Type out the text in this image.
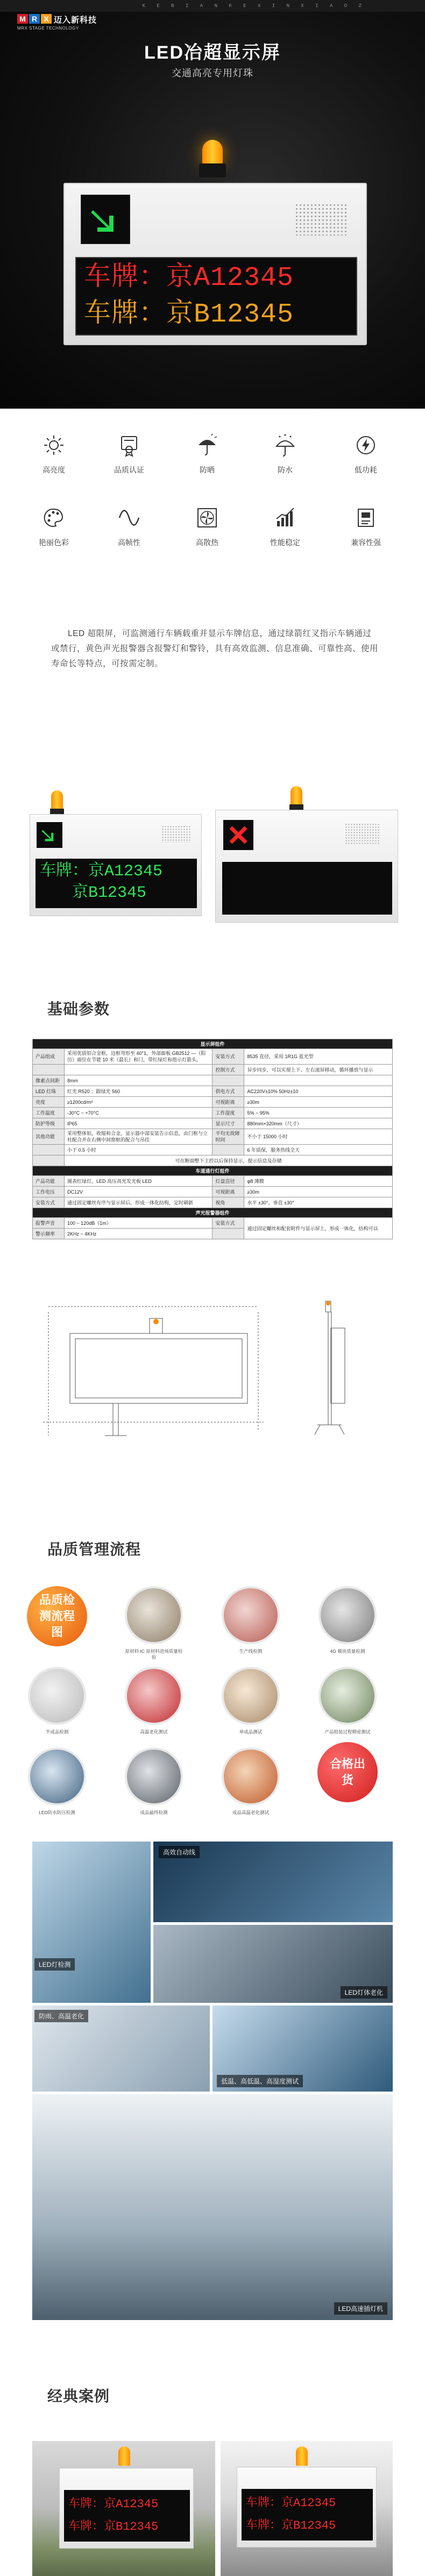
K E B I A N K E X I N X I A O Z
M R X 迈入新科技
MRX STAGE TECHNOLOGY
LED冶超显示屏
交通高亮专用灯珠
车牌：京A12345
车牌：京B12345
高亮度	品质认证	防晒	防水	低功耗
艳丽色彩	高帧性	高散热	性能稳定	兼容性强

LED 超限屏，可监测通行车辆载重并显示车牌信息，通过绿箭红叉指示车辆通过或禁行，黄色声光报警器含报警灯和警铃，具有高效监测、信息准确、可靠性高、使用寿命长等特点，可按需定制。

车牌：京A12345
京B12345
基础参数
显示屏组件			
产品组成	采用优质铝合金框，边框弯形至 40°1，外部面板 GB2512 —（阳历）面位在节能 10 米（最长）和门，带红绿灯和指示灯箭头。	安装方式	8535 直径，采用 1R1G 蓝光型
		控制方式	异步同步，可以实现上下、左右滚屏移动，循环播放与显示
像素点间距	8mm		
LED 灯珠	红光 R520 ；跟绿光 560	供电方式	AC220V±10% 50Hz±10
亮度	≥1200cd/m²	可视距离	≥30m
工作温度	-30°C ~ +70°C	工作湿度	5% ~ 95%
防护等级	IP65	显示尺寸	880mm×320mm（尺寸）
其他功能	采用整体铝，收缩和合金，显示器中部安装告示信息，由门框与立柱配合并在右侧中间窗框的配合与吊挂	平均无故障时间	不小于 15000 小时
	小于 0.5 小时		6 年质保，服务热线全天
	可在断面整下主控以后保持显示，提示信息及存储		
车道通行灯组件			
产品功能	图表红绿灯，LED 高压高光发光板 LED	灯盘直径	φ8 薄膜
工作电压	DC12V	可视距离	≥30m
安装方式	通过固定螺丝有序与显示屏后，形成一体化结构，定时刷新	视角	水平 ±30°，垂直 ±30°
声光报警器组件			
报警声音	100 ~ 120dB（1m）	安装方式	通过固定螺丝和配套附件与显示屏上，形成一体化，结构可以
警示频率	2KHz ~ 4KHz		
品质管理流程
品质检测流程图
原材料 IC 原材料进场质量检验
生产线检测	4G 模块质量检测
半成品检测	高温老化测试	单成品测试	产品组装过程精密测试
LED防水防压检测	成品最终检测	成品高温老化测试
合格出货
LED灯检测
高效自动线
LED灯体老化
防雨、高温老化
低温、高低温、高湿度测试
LED高速插灯机
经典案例
车牌：京A12345
车牌：京B12345
车牌：京A12345
车牌：京B12345
